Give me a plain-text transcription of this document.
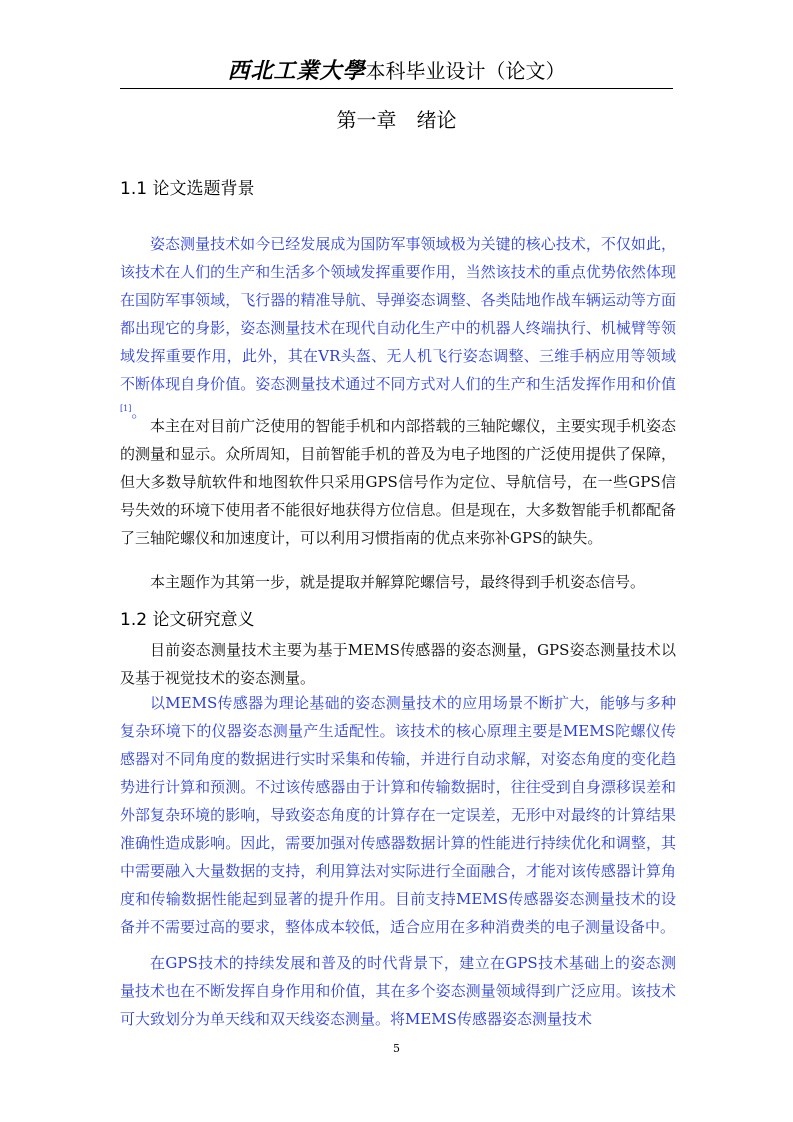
西北工業大學本科毕业设计（论文）
第一章　绪论
1.1 论文选题背景

姿态测量技术如今已经发展成为国防军事领域极为关键的核心技术，不仅如此，该技术在人们的生产和生活多个领域发挥重要作用，当然该技术的重点优势依然体现在国防军事领域，飞行器的精准导航、导弹姿态调整、各类陆地作战车辆运动等方面都出现它的身影，姿态测量技术在现代自动化生产中的机器人终端执行、机械臂等领域发挥重要作用，此外，其在VR头盔、无人机飞行姿态调整、三维手柄应用等领域不断体现自身价值。姿态测量技术通过不同方式对人们的生产和生活发挥作用和价值[1]。

本主在对目前广泛使用的智能手机和内部搭载的三轴陀螺仪，主要实现手机姿态的测量和显示。众所周知，目前智能手机的普及为电子地图的广泛使用提供了保障，但大多数导航软件和地图软件只采用GPS信号作为定位、导航信号，在一些GPS信号失效的环境下使用者不能很好地获得方位信息。但是现在，大多数智能手机都配备了三轴陀螺仪和加速度计，可以利用习惯指南的优点来弥补GPS的缺失。

本主题作为其第一步，就是提取并解算陀螺信号，最终得到手机姿态信号。

1.2 论文研究意义

目前姿态测量技术主要为基于MEMS传感器的姿态测量，GPS姿态测量技术以及基于视觉技术的姿态测量。

以MEMS传感器为理论基础的姿态测量技术的应用场景不断扩大，能够与多种复杂环境下的仪器姿态测量产生适配性。该技术的核心原理主要是MEMS陀螺仪传感器对不同角度的数据进行实时采集和传输，并进行自动求解，对姿态角度的变化趋势进行计算和预测。不过该传感器由于计算和传输数据时，往往受到自身漂移误差和外部复杂环境的影响，导致姿态角度的计算存在一定误差，无形中对最终的计算结果准确性造成影响。因此，需要加强对传感器数据计算的性能进行持续优化和调整，其中需要融入大量数据的支持，利用算法对实际进行全面融合，才能对该传感器计算角度和传输数据性能起到显著的提升作用。目前支持MEMS传感器姿态测量技术的设备并不需要过高的要求，整体成本较低，适合应用在多种消费类的电子测量设备中。

在GPS技术的持续发展和普及的时代背景下，建立在GPS技术基础上的姿态测量技术也在不断发挥自身作用和价值，其在多个姿态测量领域得到广泛应用。该技术可大致划分为单天线和双天线姿态测量。将MEMS传感器姿态测量技术

5
